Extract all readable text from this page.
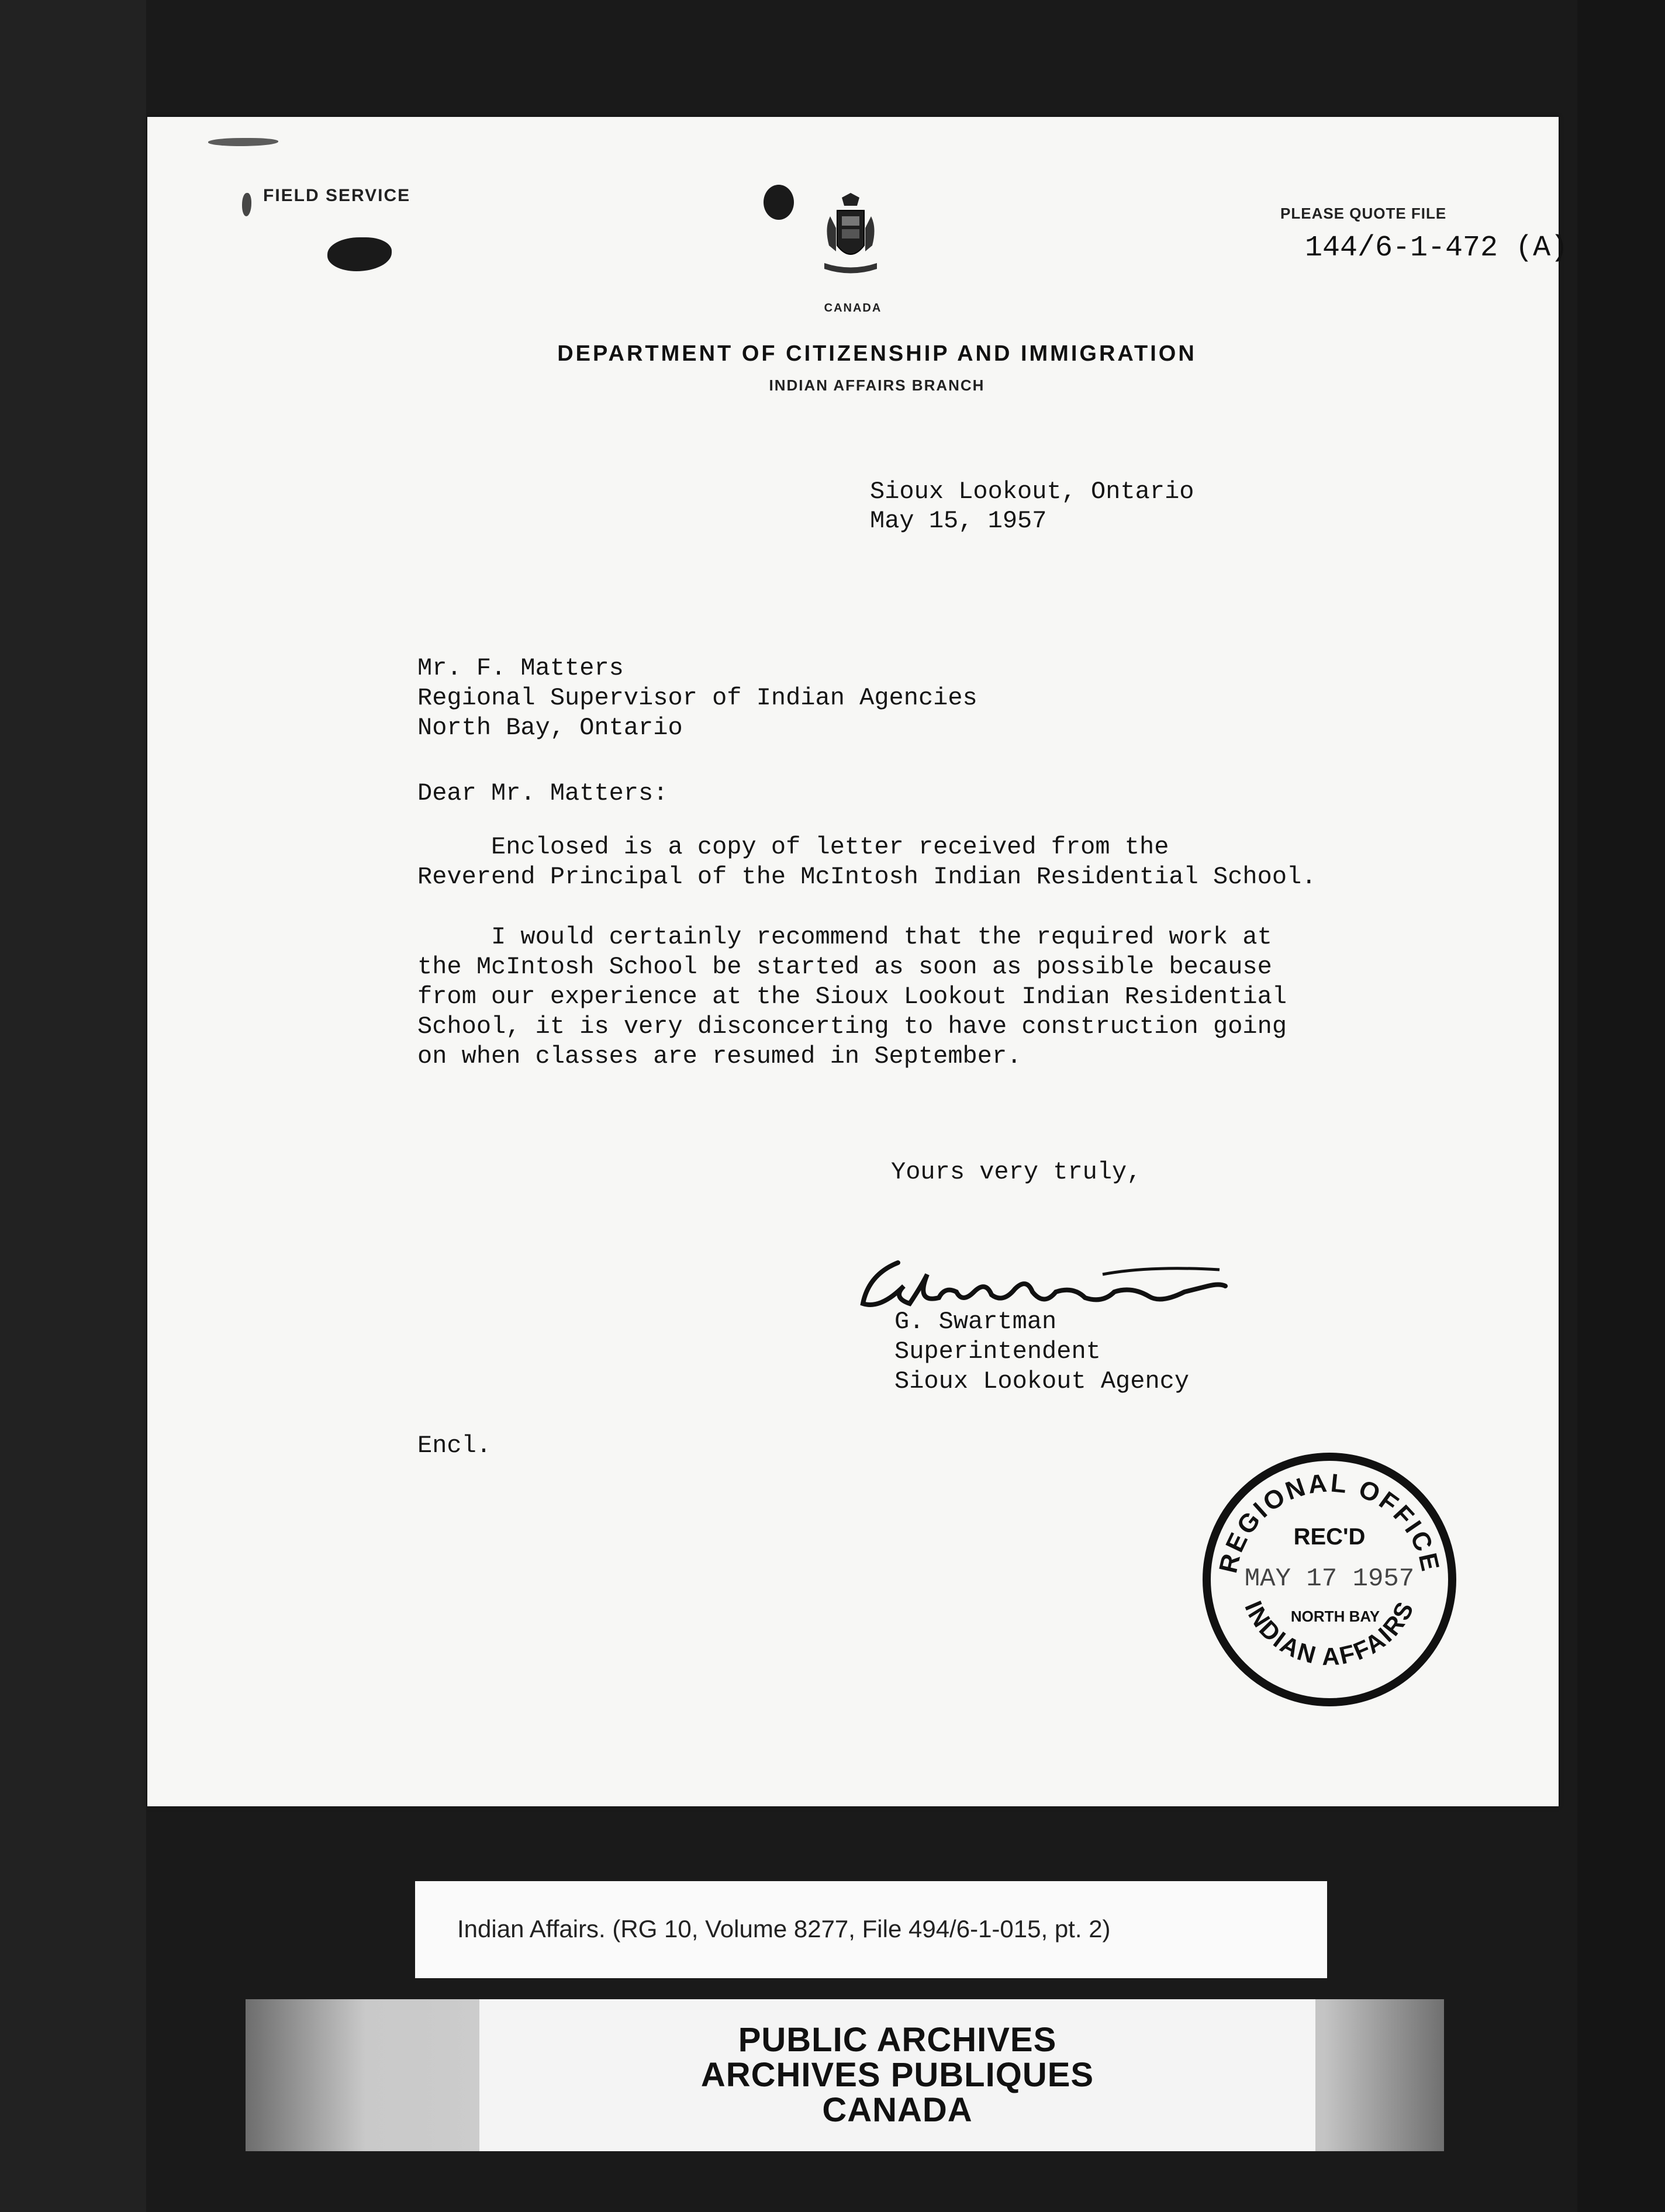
FIELD SERVICE
PLEASE QUOTE FILE
144/6-1-472 (A)
CANADA
DEPARTMENT OF CITIZENSHIP AND IMMIGRATION
INDIAN AFFAIRS BRANCH
Sioux Lookout, Ontario
May 15, 1957
Mr. F. Matters
Regional Supervisor of Indian Agencies
North Bay, Ontario
Dear Mr. Matters:
Enclosed is a copy of letter received from the
Reverend Principal of the McIntosh Indian Residential School.
I would certainly recommend that the required work at
the McIntosh School be started as soon as possible because
from our experience at the Sioux Lookout Indian Residential
School, it is very disconcerting to have construction going
on when classes are resumed in September.
Yours very truly,
G. Swartman
Superintendent
Sioux Lookout Agency
Encl.
REGIONAL OFFICE
REC'D
MAY 17 1957
NORTH BAY
INDIAN AFFAIRS
Indian Affairs. (RG 10, Volume 8277, File 494/6-1-015, pt. 2)
PUBLIC ARCHIVES
ARCHIVES PUBLIQUES
CANADA
